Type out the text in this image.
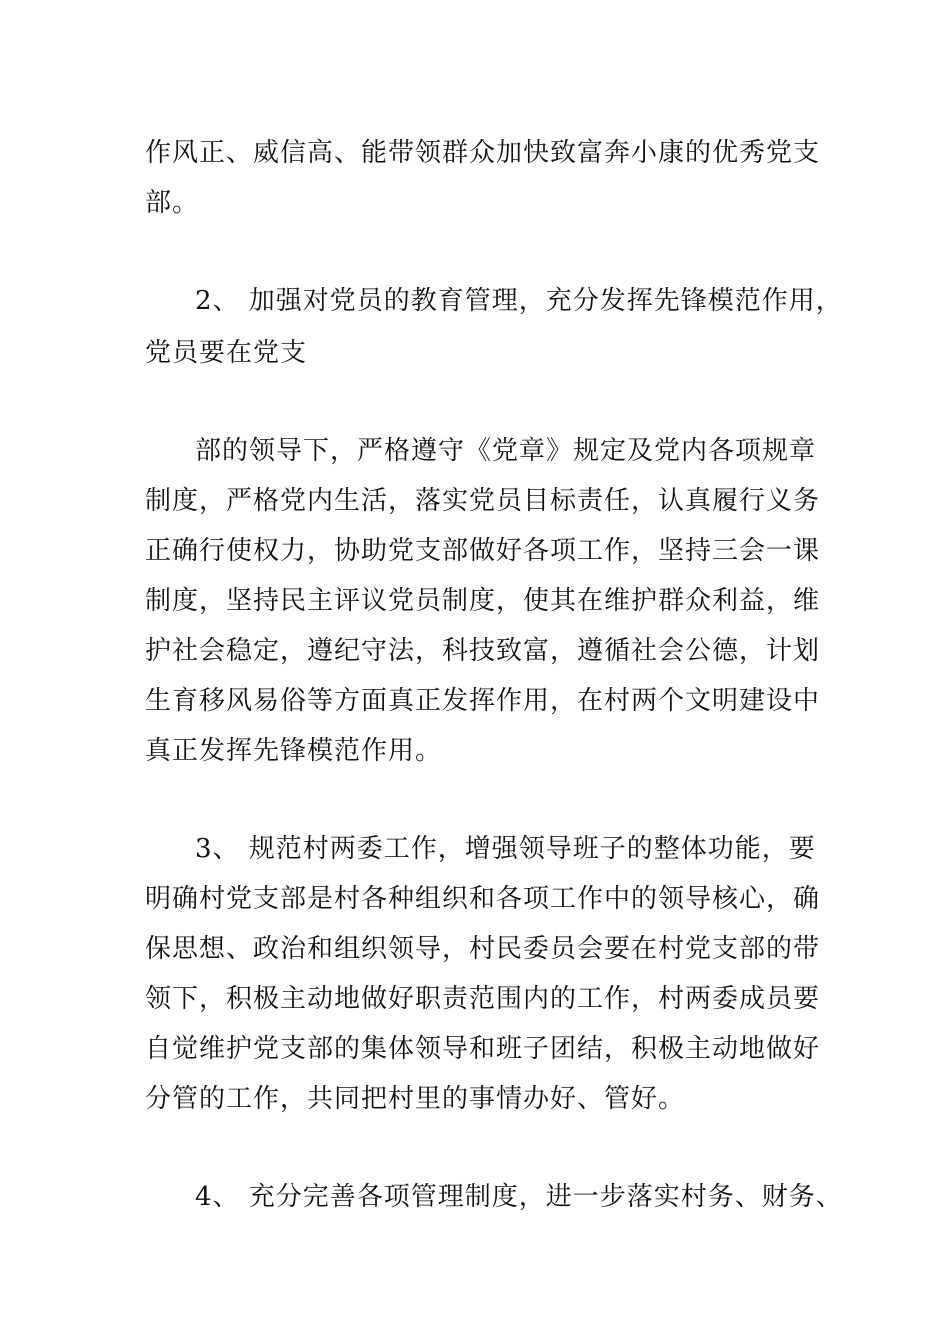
作风正、威信高、能带领群众加快致富奔小康的优秀党支
部。
2、 加强对党员的教育管理，充分发挥先锋模范作用，
党员要在党支
部的领导下，严格遵守《党章》规定及党内各项规章
制度，严格党内生活，落实党员目标责任，认真履行义务
正确行使权力，协助党支部做好各项工作，坚持三会一课
制度，坚持民主评议党员制度，使其在维护群众利益，维
护社会稳定，遵纪守法，科技致富，遵循社会公德，计划
生育移风易俗等方面真正发挥作用，在村两个文明建设中
真正发挥先锋模范作用。
3、 规范村两委工作，增强领导班子的整体功能，要
明确村党支部是村各种组织和各项工作中的领导核心，确
保思想、政治和组织领导，村民委员会要在村党支部的带
领下，积极主动地做好职责范围内的工作，村两委成员要
自觉维护党支部的集体领导和班子团结，积极主动地做好
分管的工作，共同把村里的事情办好、管好。
4、 充分完善各项管理制度，进一步落实村务、财务、
